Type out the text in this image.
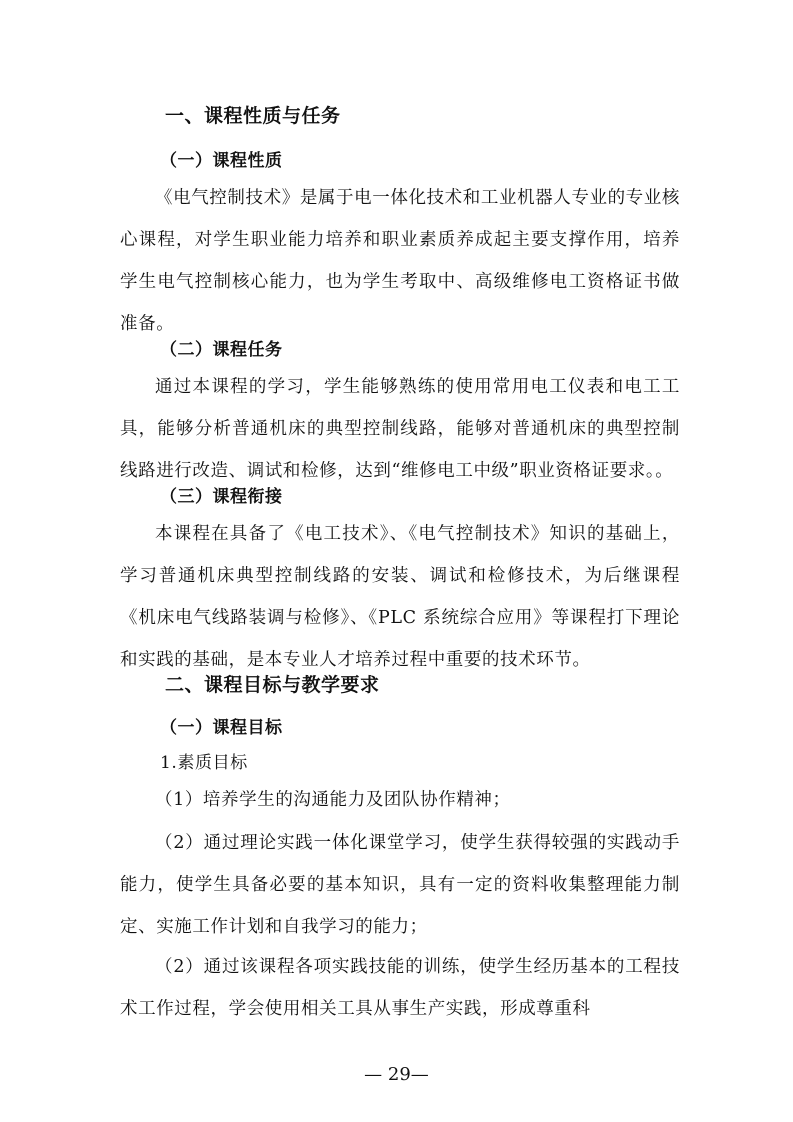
一、课程性质与任务
（一）课程性质

《电气控制技术》是属于电一体化技术和工业机器人专业的专业核心课程，对学生职业能力培养和职业素质养成起主要支撑作用，培养学生电气控制核心能力，也为学生考取中、高级维修电工资格证书做准备。

（二）课程任务

通过本课程的学习，学生能够熟练的使用常用电工仪表和电工工具，能够分析普通机床的典型控制线路，能够对普通机床的典型控制线路进行改造、调试和检修，达到“维修电工中级”职业资格证要求。。

（三）课程衔接

本课程在具备了《电工技术》、《电气控制技术》知识的基础上，学习普通机床典型控制线路的安装、调试和检修技术，为后继课程《机床电气线路装调与检修》、《PLC 系统综合应用》等课程打下理论和实践的基础，是本专业人才培养过程中重要的技术环节。

二、课程目标与教学要求
（一）课程目标
1.素质目标

（1）培养学生的沟通能力及团队协作精神；

（2）通过理论实践一体化课堂学习，使学生获得较强的实践动手能力，使学生具备必要的基本知识，具有一定的资料收集整理能力制定、实施工作计划和自我学习的能力；

（2）通过该课程各项实践技能的训练，使学生经历基本的工程技术工作过程，学会使用相关工具从事生产实践，形成尊重科

— 29—
